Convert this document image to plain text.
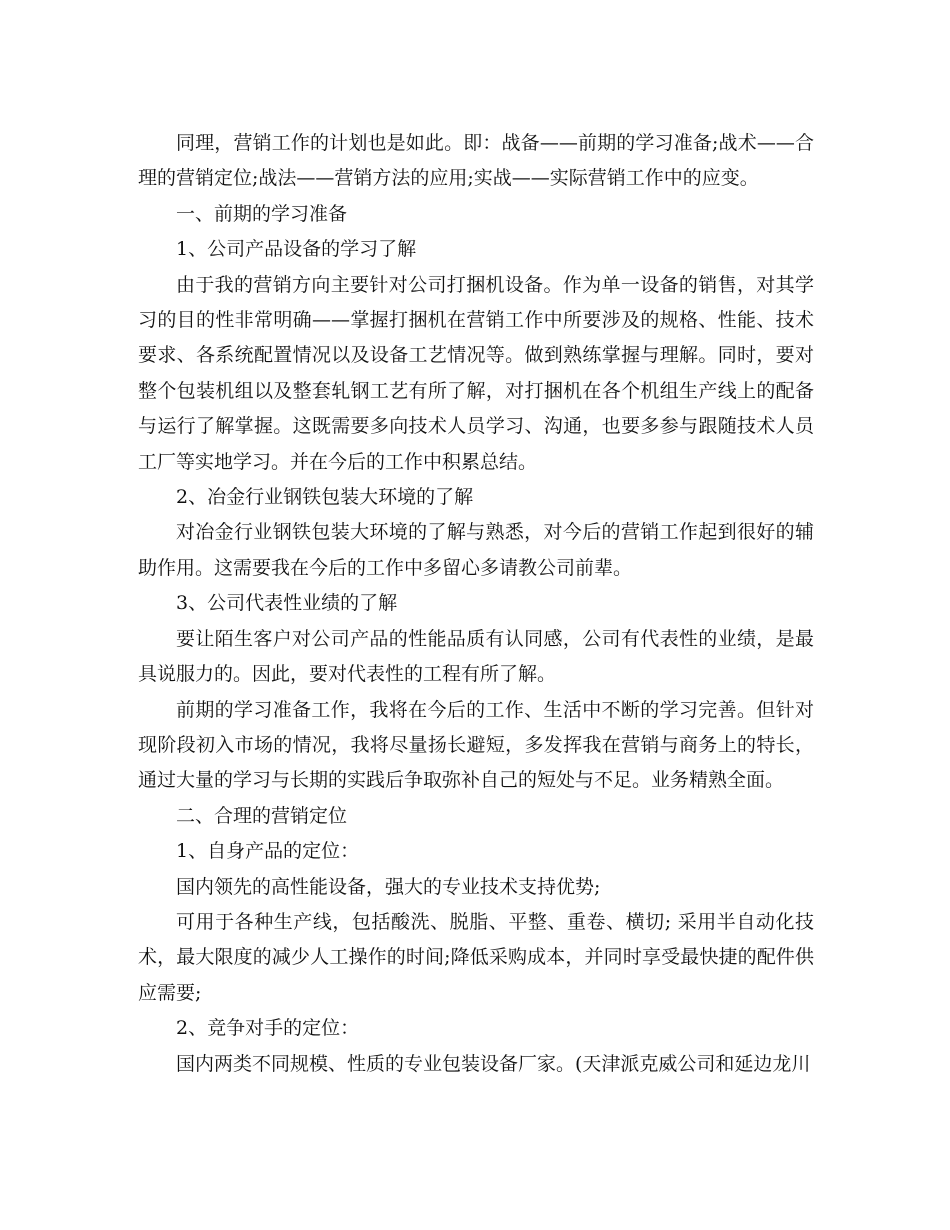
同理，营销工作的计划也是如此。即：战备——前期的学习准备;战术——合理的营销定位;战法——营销方法的应用;实战——实际营销工作中的应变。

一、前期的学习准备

1、公司产品设备的学习了解

由于我的营销方向主要针对公司打捆机设备。作为单一设备的销售，对其学习的目的性非常明确——掌握打捆机在营销工作中所要涉及的规格、性能、技术要求、各系统配置情况以及设备工艺情况等。做到熟练掌握与理解。同时，要对整个包装机组以及整套轧钢工艺有所了解，对打捆机在各个机组生产线上的配备与运行了解掌握。这既需要多向技术人员学习、沟通，也要多参与跟随技术人员工厂等实地学习。并在今后的工作中积累总结。

2、冶金行业钢铁包装大环境的了解

对冶金行业钢铁包装大环境的了解与熟悉，对今后的营销工作起到很好的辅助作用。这需要我在今后的工作中多留心多请教公司前辈。

3、公司代表性业绩的了解

要让陌生客户对公司产品的性能品质有认同感，公司有代表性的业绩，是最具说服力的。因此，要对代表性的工程有所了解。

前期的学习准备工作，我将在今后的工作、生活中不断的学习完善。但针对现阶段初入市场的情况，我将尽量扬长避短，多发挥我在营销与商务上的特长，通过大量的学习与长期的实践后争取弥补自己的短处与不足。业务精熟全面。

二、合理的营销定位

1、自身产品的定位：

国内领先的高性能设备，强大的专业技术支持优势;

可用于各种生产线，包括酸洗、脱脂、平整、重卷、横切; 采用半自动化技术，最大限度的减少人工操作的时间;降低采购成本，并同时享受最快捷的配件供应需要;

2、竞争对手的定位：

国内两类不同规模、性质的专业包装设备厂家。(天津派克威公司和延边龙川
